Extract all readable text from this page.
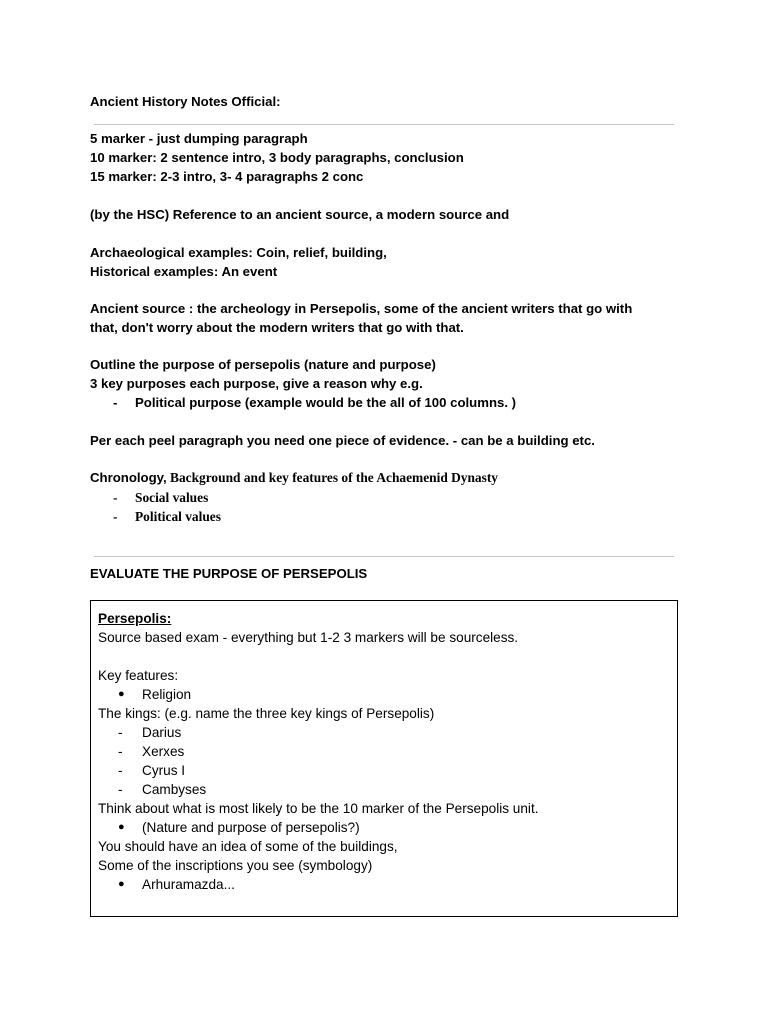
Ancient History Notes Official:
5 marker - just dumping paragraph
10 marker: 2 sentence intro, 3 body paragraphs, conclusion
15 marker: 2-3 intro, 3- 4 paragraphs 2 conc
(by the HSC) Reference to an ancient source, a modern source and
Archaeological examples: Coin, relief, building,
Historical examples: An event
Ancient source : the archeology in Persepolis, some of the ancient writers that go with
that, don't worry about the modern writers that go with that.
Outline the purpose of persepolis (nature and purpose)
3 key purposes each purpose, give a reason why e.g.
- Political purpose (example would be the all of 100 columns. )
Per each peel paragraph you need one piece of evidence. - can be a building etc.
Chronology, Background and key features of the Achaemenid Dynasty
- Social values
- Political values
EVALUATE THE PURPOSE OF PERSEPOLIS
Persepolis:
Source based exam - everything but 1-2 3 markers will be sourceless.
Key features:
● Religion
The kings: (e.g. name the three key kings of Persepolis)
- Darius
- Xerxes
- Cyrus I
- Cambyses
Think about what is most likely to be the 10 marker of the Persepolis unit.
● (Nature and purpose of persepolis?)
You should have an idea of some of the buildings,
Some of the inscriptions you see (symbology)
● Arhuramazda...
